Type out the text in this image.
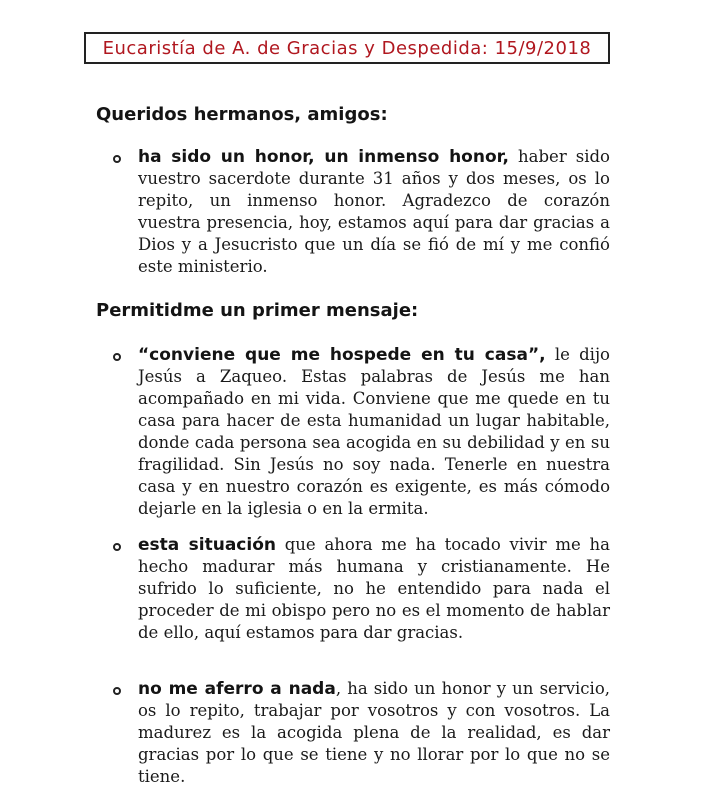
Eucaristía de A. de Gracias y Despedida: 15/9/2018
Queridos hermanos, amigos:

ha sido un honor, un inmenso honor, haber sido vuestro sacerdote durante 31 años y dos meses, os lo repito, un inmenso honor. Agradezco de corazón vuestra presencia, hoy, estamos aquí para dar gracias a Dios y a Jesucristo que un día se fió de mí y me confió este ministerio.

Permitidme un primer mensaje:

“conviene que me hospede en tu casa”, le dijo Jesús a Zaqueo. Estas palabras de Jesús me han acompañado en mi vida. Conviene que me quede en tu casa para hacer de esta humanidad un lugar habitable, donde cada persona sea acogida en su debilidad y en su fragilidad. Sin Jesús no soy nada. Tenerle en nuestra casa y en nuestro corazón es exigente, es más cómodo dejarle en la iglesia o en la ermita.

esta situación que ahora me ha tocado vivir me ha hecho madurar más humana y cristianamente. He sufrido lo suficiente, no he entendido para nada el proceder de mi obispo pero no es el momento de hablar de ello, aquí estamos para dar gracias.

no me aferro a nada, ha sido un honor y un servicio, os lo repito, trabajar por vosotros y con vosotros. La madurez es la acogida plena de la realidad, es dar gracias por lo que se tiene y no llorar por lo que no se tiene.
